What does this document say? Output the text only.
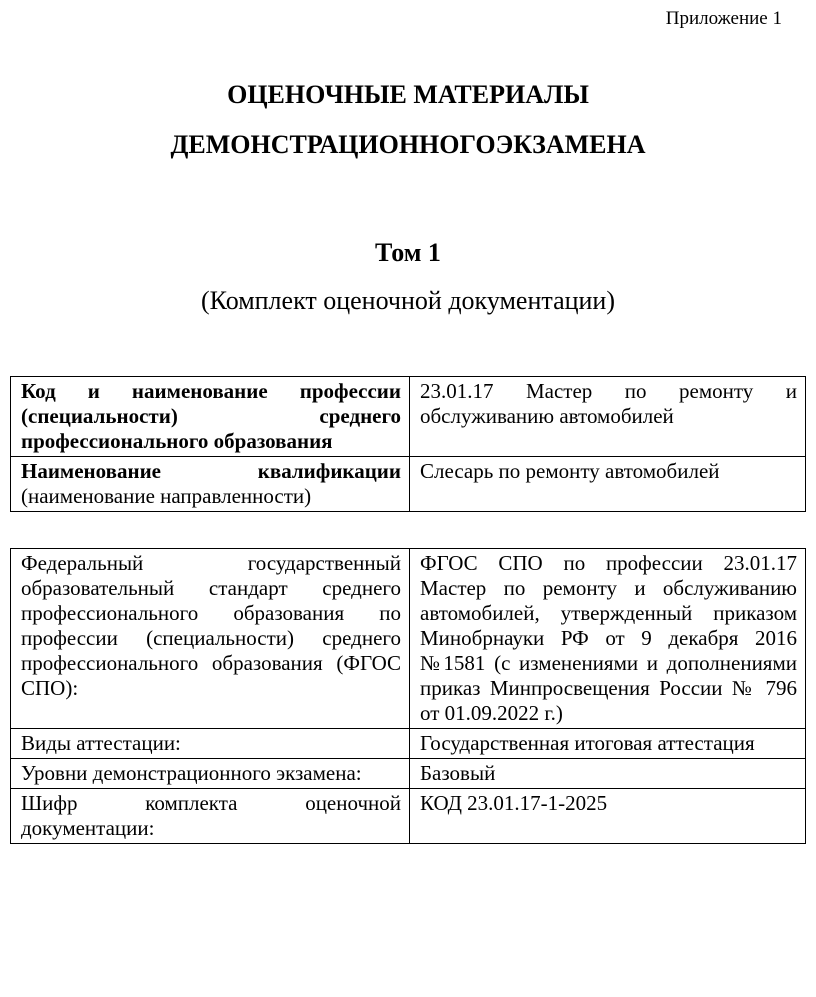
Приложение 1
ОЦЕНОЧНЫЕ МАТЕРИАЛЫ
ДЕМОНСТРАЦИОННОГОЭКЗАМЕНА
Том 1
(Комплект оценочной документации)
Код и наименование профессии (специальности) среднего профессионального образования	23.01.17 Мастер по ремонту и обслуживанию автомобилей

Наименование квалификации
(наименование направленности)	Слесарь по ремонту автомобилей
Федеральный государственный образовательный стандарт среднего профессионального образования по профессии (специальности) среднего профессионального образования (ФГОС СПО):	ФГОС СПО по профессии 23.01.17 Мастер по ремонту и обслуживанию автомобилей, утвержденный приказом Минобрнауки РФ от 9 декабря 2016 №1581 (с изменениями и дополнениями приказ Минпросвещения России № 796 от 01.09.2022 г.)
Виды аттестации:	Государственная итоговая аттестация
Уровни демонстрационного экзамена:	Базовый
Шифр комплекта оценочной документации:	КОД 23.01.17-1-2025
